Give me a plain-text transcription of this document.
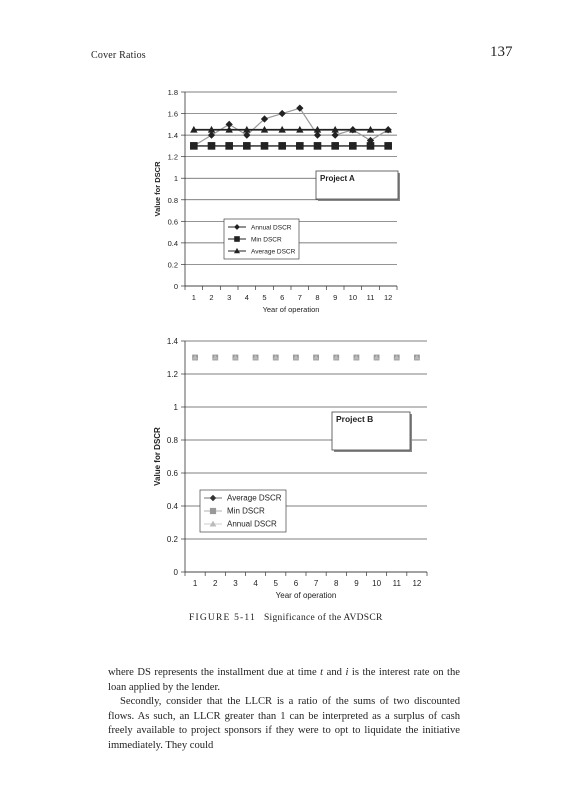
Cover Ratios	137
0
0.2
0.4
0.6
0.8
1
1.2
1.4
1.6
1.8
1 2 3 4 5 6 7 8 9 10 11 12
Year of operation
Value for DSCR
Annual DSCR
Min DSCR
Average DSCR
Project A
0
0.2
0.4
0.6
0.8
1
1.2
1.4
1 2 3 4 5 6 7 8 9 10 11 12
Year of operation
Value for DSCR
Average DSCR
Min DSCR
Annual DSCR
Project B
FIGURE 5-11 Significance of the AVDSCR

where DS represents the installment due at time t and i is the interest rate on the loan applied by the lender.

Secondly, consider that the LLCR is a ratio of the sums of two discounted flows. As such, an LLCR greater than 1 can be interpreted as a surplus of cash freely available to project sponsors if they were to opt to liquidate the initiative immediately. They could
